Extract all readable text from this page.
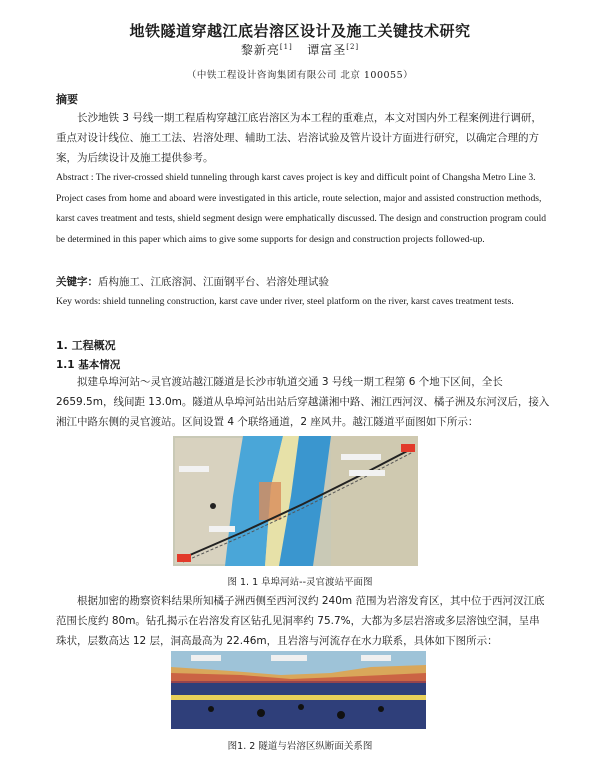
地铁隧道穿越江底岩溶区设计及施工关键技术研究
黎新亮[1] 谭富圣[2]
（中铁工程设计咨询集团有限公司 北京 100055）
摘要
长沙地铁 3 号线一期工程盾构穿越江底岩溶区为本工程的重难点，本文对国内外工程案例进行调研，重点对设计线位、施工工法、岩溶处理、辅助工法、岩溶试验及管片设计方面进行研究，以确定合理的方案，为后续设计及施工提供参考。
Abstract : The river-crossed shield tunneling through karst caves project is key and difficult point of Changsha Metro Line 3. Project cases from home and aboard were investigated in this article, route selection, major and assisted construction methods, karst caves treatment and tests, shield segment design were emphatically discussed. The design and construction program could be determined in this paper which aims to give some supports for design and construction projects followed-up.
关键字：盾构施工、江底溶洞、江面钢平台、岩溶处理试验
Key words: shield tunneling construction, karst cave under river, steel platform on the river, karst caves treatment tests.
1. 工程概况
1.1 基本情况
拟建阜埠河站～灵官渡站越江隧道是长沙市轨道交通 3 号线一期工程第 6 个地下区间，全长 2659.5m，线间距 13.0m。隧道从阜埠河站出站后穿越潇湘中路、湘江西河汊、橘子洲及东河汊后，接入湘江中路东侧的灵官渡站。区间设置 4 个联络通道，2 座风井。越江隧道平面图如下所示：
图 1. 1 阜埠河站--灵官渡站平面图
根据加密的勘察资料结果所知橘子洲西侧至西河汊约 240m 范围为岩溶发育区，其中位于西河汊江底范围长度约 80m。钻孔揭示在岩溶发育区钻孔见洞率约 75.7%，大都为多层岩溶或多层溶蚀空洞，呈串珠状，层数高达 12 层，洞高最高为 22.46m，且岩溶与河流存在水力联系，具体如下图所示：
图1. 2 隧道与岩溶区纵断面关系图
